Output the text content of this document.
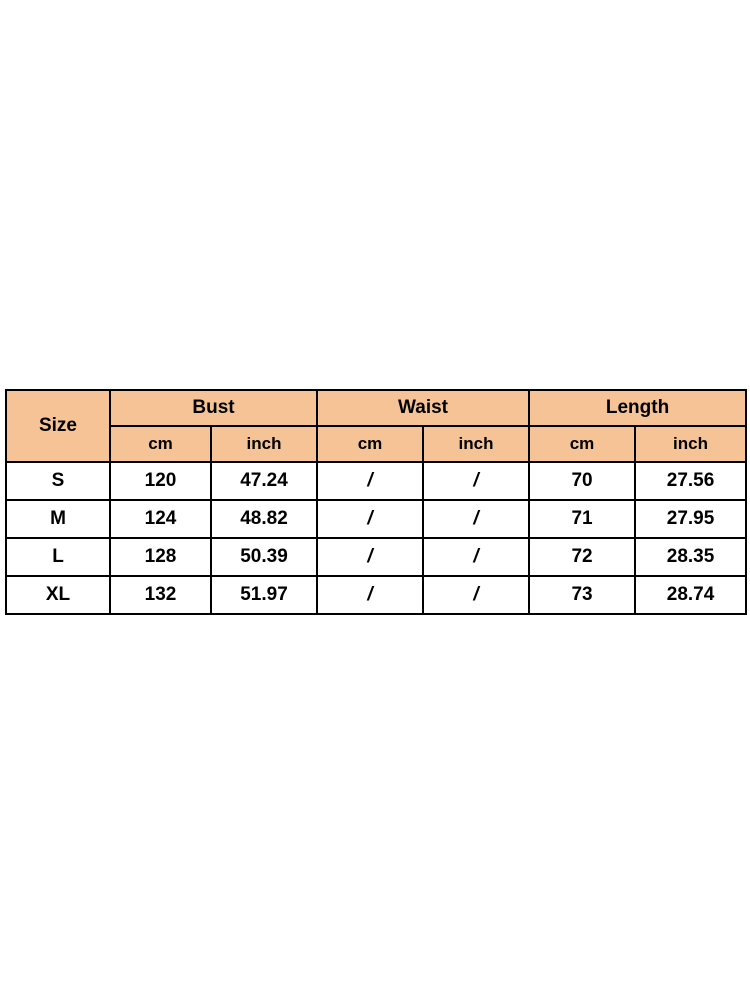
Size	Bust		Waist		Length	
	cm	inch	cm	inch	cm	inch
S	120	47.24	/	/	70	27.56
M	124	48.82	/	/	71	27.95
L	128	50.39	/	/	72	28.35
XL	132	51.97	/	/	73	28.74
